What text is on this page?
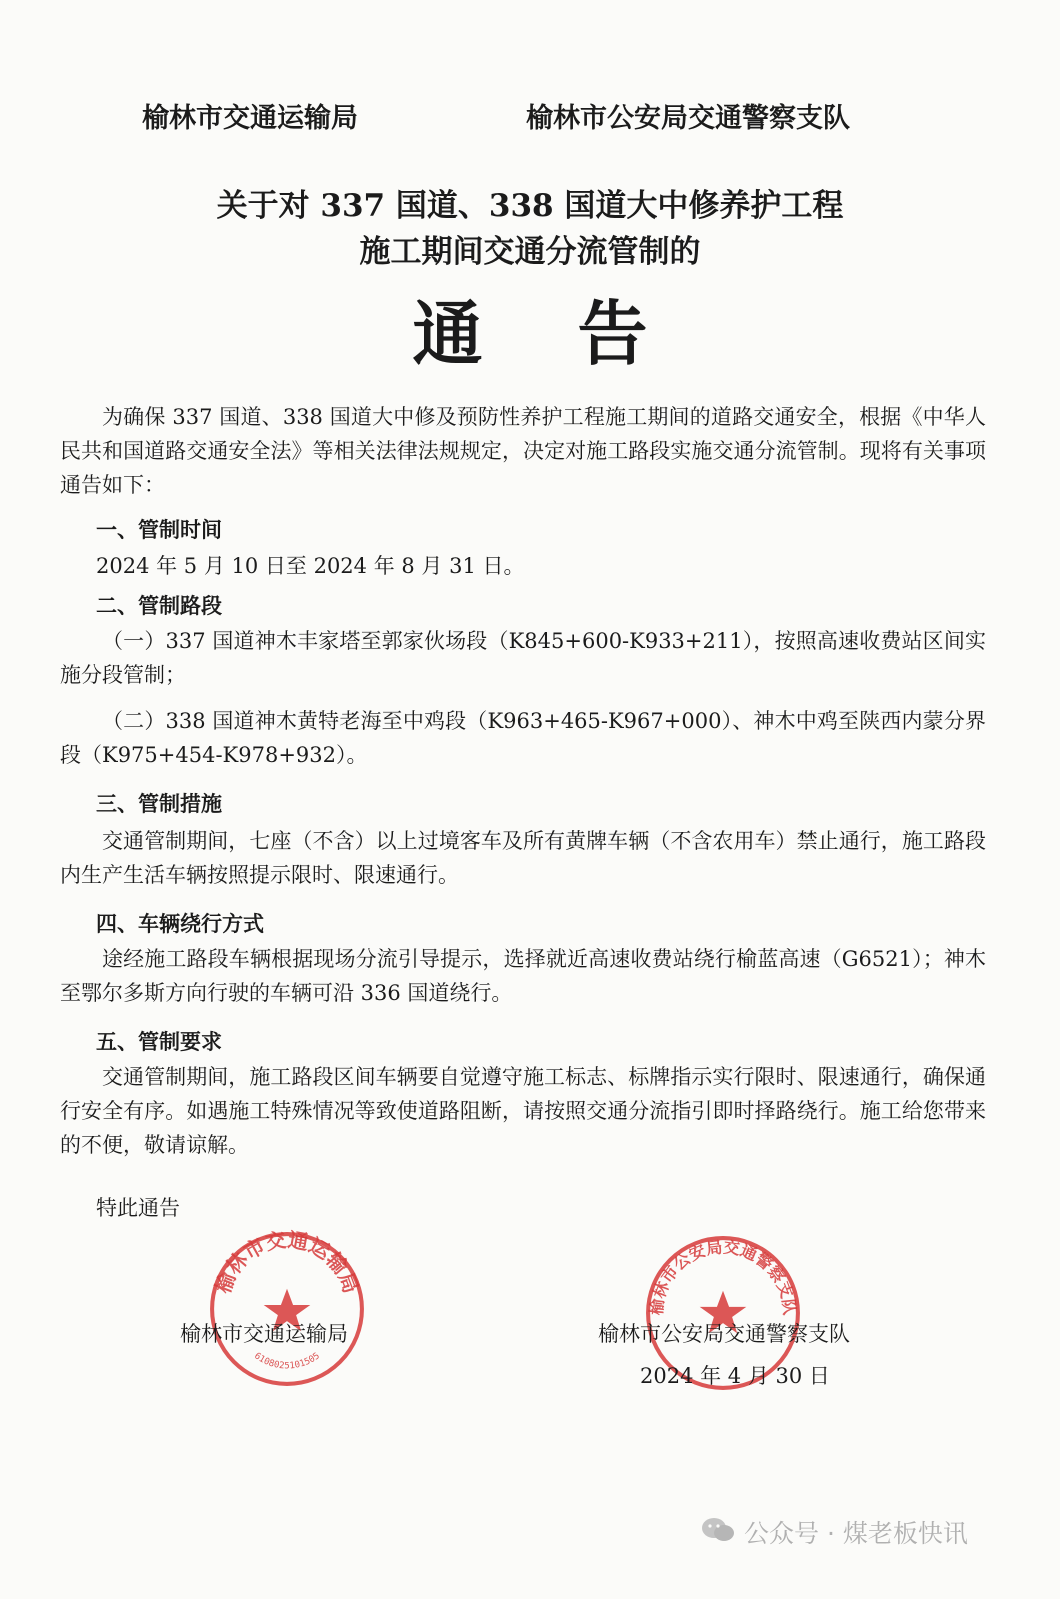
榆林市交通运输局	榆林市公安局交通警察支队
关于对 337 国道、338 国道大中修养护工程
施工期间交通分流管制的
通告

为确保 337 国道、338 国道大中修及预防性养护工程施工期间的道路交通安全，根据《中华人民共和国道路交通安全法》等相关法律法规规定，决定对施工路段实施交通分流管制。现将有关事项通告如下：

一、管制时间
2024 年 5 月 10 日至 2024 年 8 月 31 日。
二、管制路段

（一）337 国道神木丰家塔至郭家伙场段（K845+600-K933+211），按照高速收费站区间实施分段管制；

（二）338 国道神木黄特老海至中鸡段（K963+465-K967+000）、神木中鸡至陕西内蒙分界段（K975+454-K978+932）。

三、管制措施

交通管制期间，七座（不含）以上过境客车及所有黄牌车辆（不含农用车）禁止通行，施工路段内生产生活车辆按照提示限时、限速通行。

四、车辆绕行方式

途经施工路段车辆根据现场分流引导提示，选择就近高速收费站绕行榆蓝高速（G6521）；神木至鄂尔多斯方向行驶的车辆可沿 336 国道绕行。

五、管制要求

交通管制期间，施工路段区间车辆要自觉遵守施工标志、标牌指示实行限时、限速通行，确保通行安全有序。如遇施工特殊情况等致使道路阻断，请按照交通分流指引即时择路绕行。施工给您带来的不便，敬请谅解。

特此通告
榆林市交通运输局
6108025101505
榆林市公安局交通警察支队
榆林市交通运输局	榆林市公安局交通警察支队
2024 年 4 月 30 日
公众号 · 煤老板快讯
